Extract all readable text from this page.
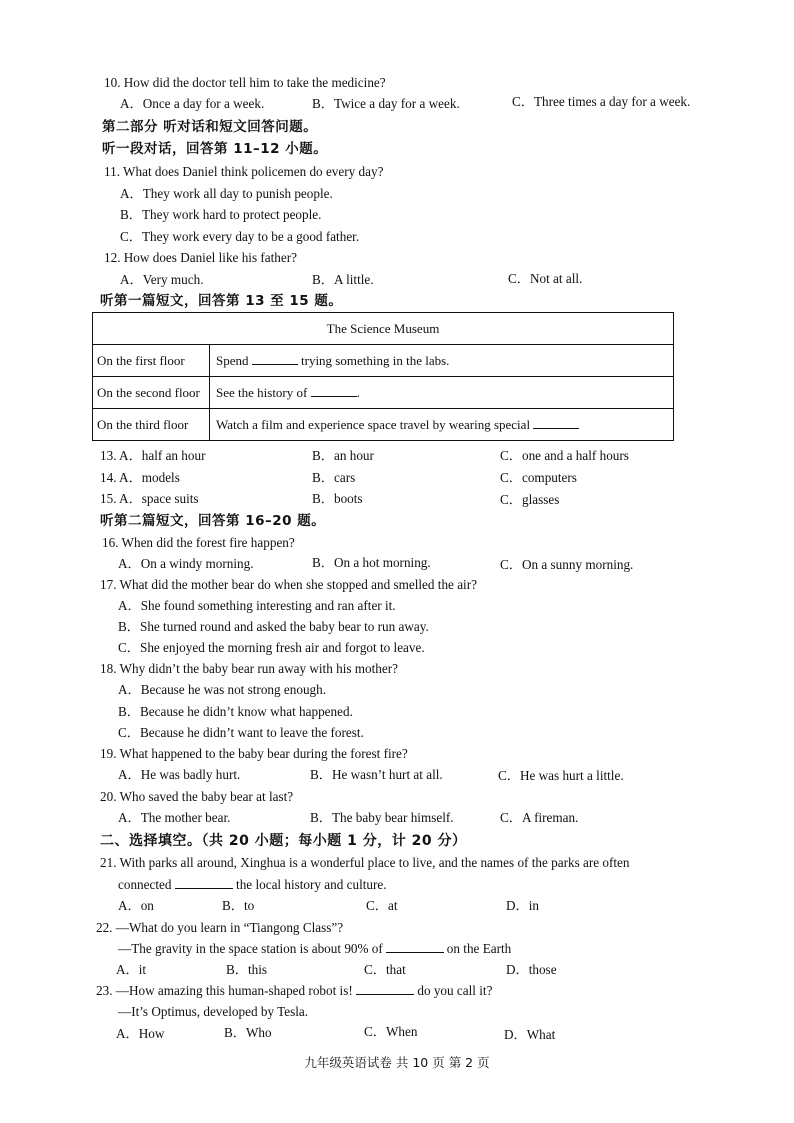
10. How did the doctor tell him to take the medicine?
A．Once a day for a week.	B．Twice a day for a week.	C．Three times a day for a week.
第二部分 听对话和短文回答问题。
听一段对话，回答第 11–12 小题。
11. What does Daniel think policemen do every day?
A．They work all day to punish people.
B．They work hard to protect people.
C．They work every day to be a good father.
12. How does Daniel like his father?
A．Very much.	B．A little.	C．Not at all.
听第一篇短文，回答第 13 至 15 题。
The Science Museum	
On the first floor	Spend trying something in the labs.
On the second floor	See the history of .
On the third floor	Watch a film and experience space travel by wearing special
13. A．half an hour	B．an hour	C．one and a half hours
14. A．models	B．cars	C．computers
15. A．space suits	B．boots	C．glasses
听第二篇短文，回答第 16–20 题。
16. When did the forest fire happen?
A．On a windy morning.	B．On a hot morning.	C．On a sunny morning.
17. What did the mother bear do when she stopped and smelled the air?
A．She found something interesting and ran after it.
B．She turned round and asked the baby bear to run away.
C．She enjoyed the morning fresh air and forgot to leave.
18. Why didn’t the baby bear run away with his mother?
A．Because he was not strong enough.
B．Because he didn’t know what happened.
C．Because he didn’t want to leave the forest.
19. What happened to the baby bear during the forest fire?
A．He was badly hurt.	B．He wasn’t hurt at all.	C．He was hurt a little.
20. Who saved the baby bear at last?
A．The mother bear.	B．The baby bear himself.	C．A fireman.
二、选择填空。（共 20 小题；每小题 1 分，计 20 分）
21. With parks all around, Xinghua is a wonderful place to live, and the names of the parks are often
connected	the local history and culture.
A．on	B．to	C．at	D．in
22. —What do you learn in “Tiangong Class”?
—The gravity in the space station is about 90% of	on the Earth
A．it	B．this	C．that	D．those
23. —How amazing this human-shaped robot is!	do you call it?
—It’s Optimus, developed by Tesla.
A．How	B．Who	C．When	D．What
九年级英语试卷 共 10 页 第 2 页
